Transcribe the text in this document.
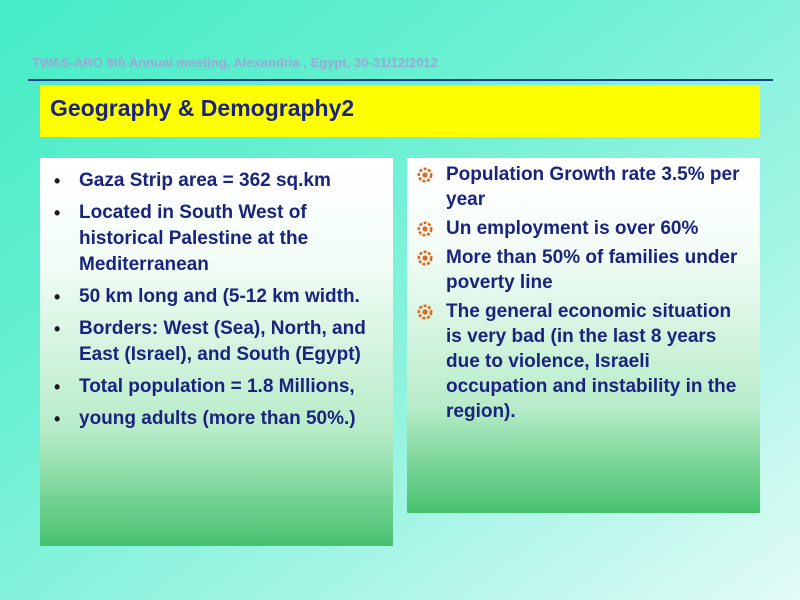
TWAS-ARO 8th Annual meeting, Alexandria , Egypt, 30-31/12/2012
Geography & Demography2
• Gaza Strip area = 362 sq.km
• Located in South West of historical Palestine at the Mediterranean
• 50 km long and (5-12 km width.
• Borders: West (Sea), North, and East (Israel), and South (Egypt)
• Total population = 1.8 Millions,
• young adults (more than 50%.)
Population Growth rate 3.5% per year
Un employment is over 60%
More than 50% of families under poverty line
The general economic situation is very bad (in the last 8 years due to violence, Israeli occupation and instability in the region).
